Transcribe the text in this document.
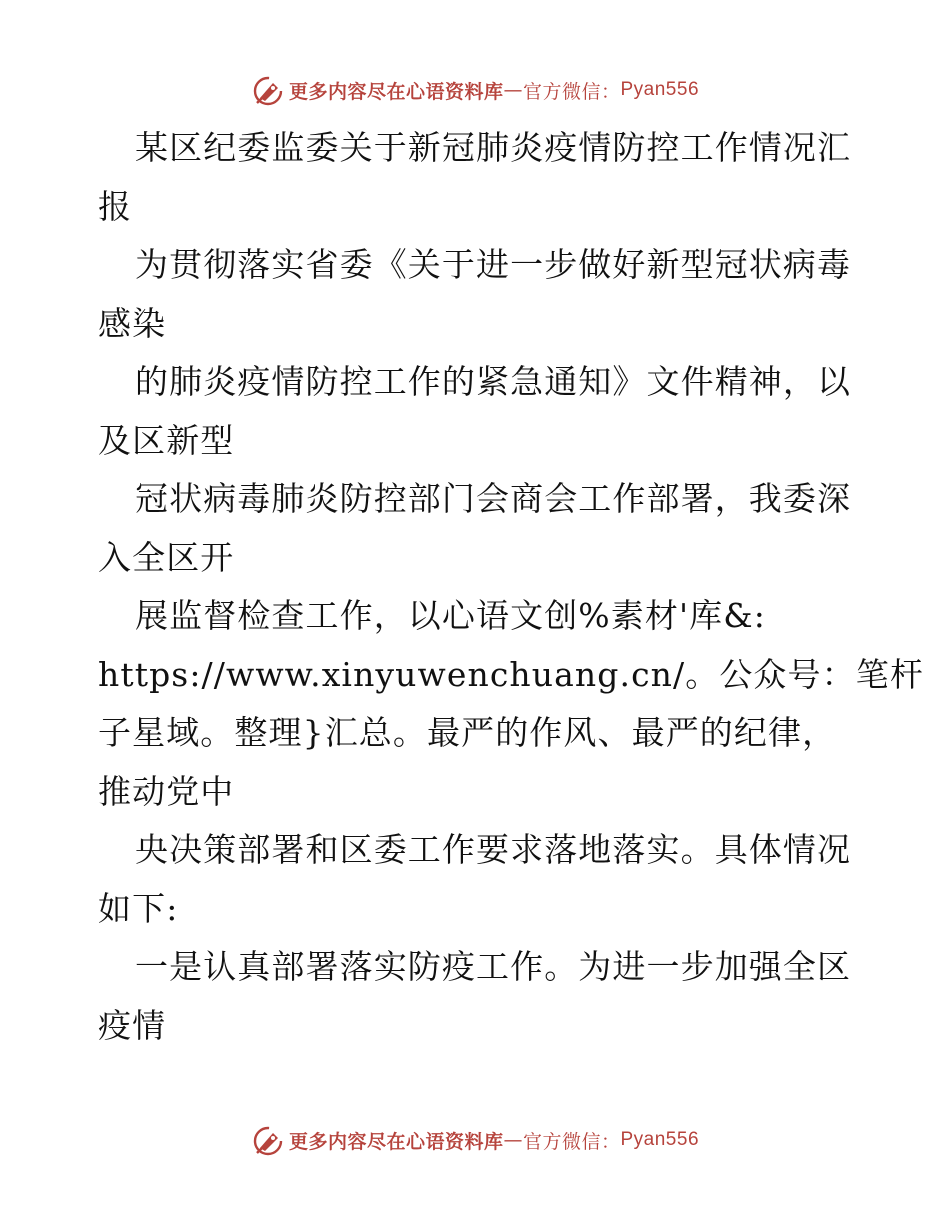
更多内容尽在心语资料库 — 官方微信： Pyan556
某区纪委监委关于新冠肺炎疫情防控工作情况汇
报
为贯彻落实省委《关于进一步做好新型冠状病毒
感染
的肺炎疫情防控工作的紧急通知》文件精神，以
及区新型
冠状病毒肺炎防控部门会商会工作部署，我委深
入全区开
展监督检查工作，以心语文创%素材'库&:
https://www.xinyuwenchuang.cn/。公众号：笔杆
子星域。整理}汇总。最严的作风、最严的纪律，
推动党中
央决策部署和区委工作要求落地落实。具体情况
如下:
一是认真部署落实防疫工作。为进一步加强全区
疫情
更多内容尽在心语资料库 — 官方微信： Pyan556
